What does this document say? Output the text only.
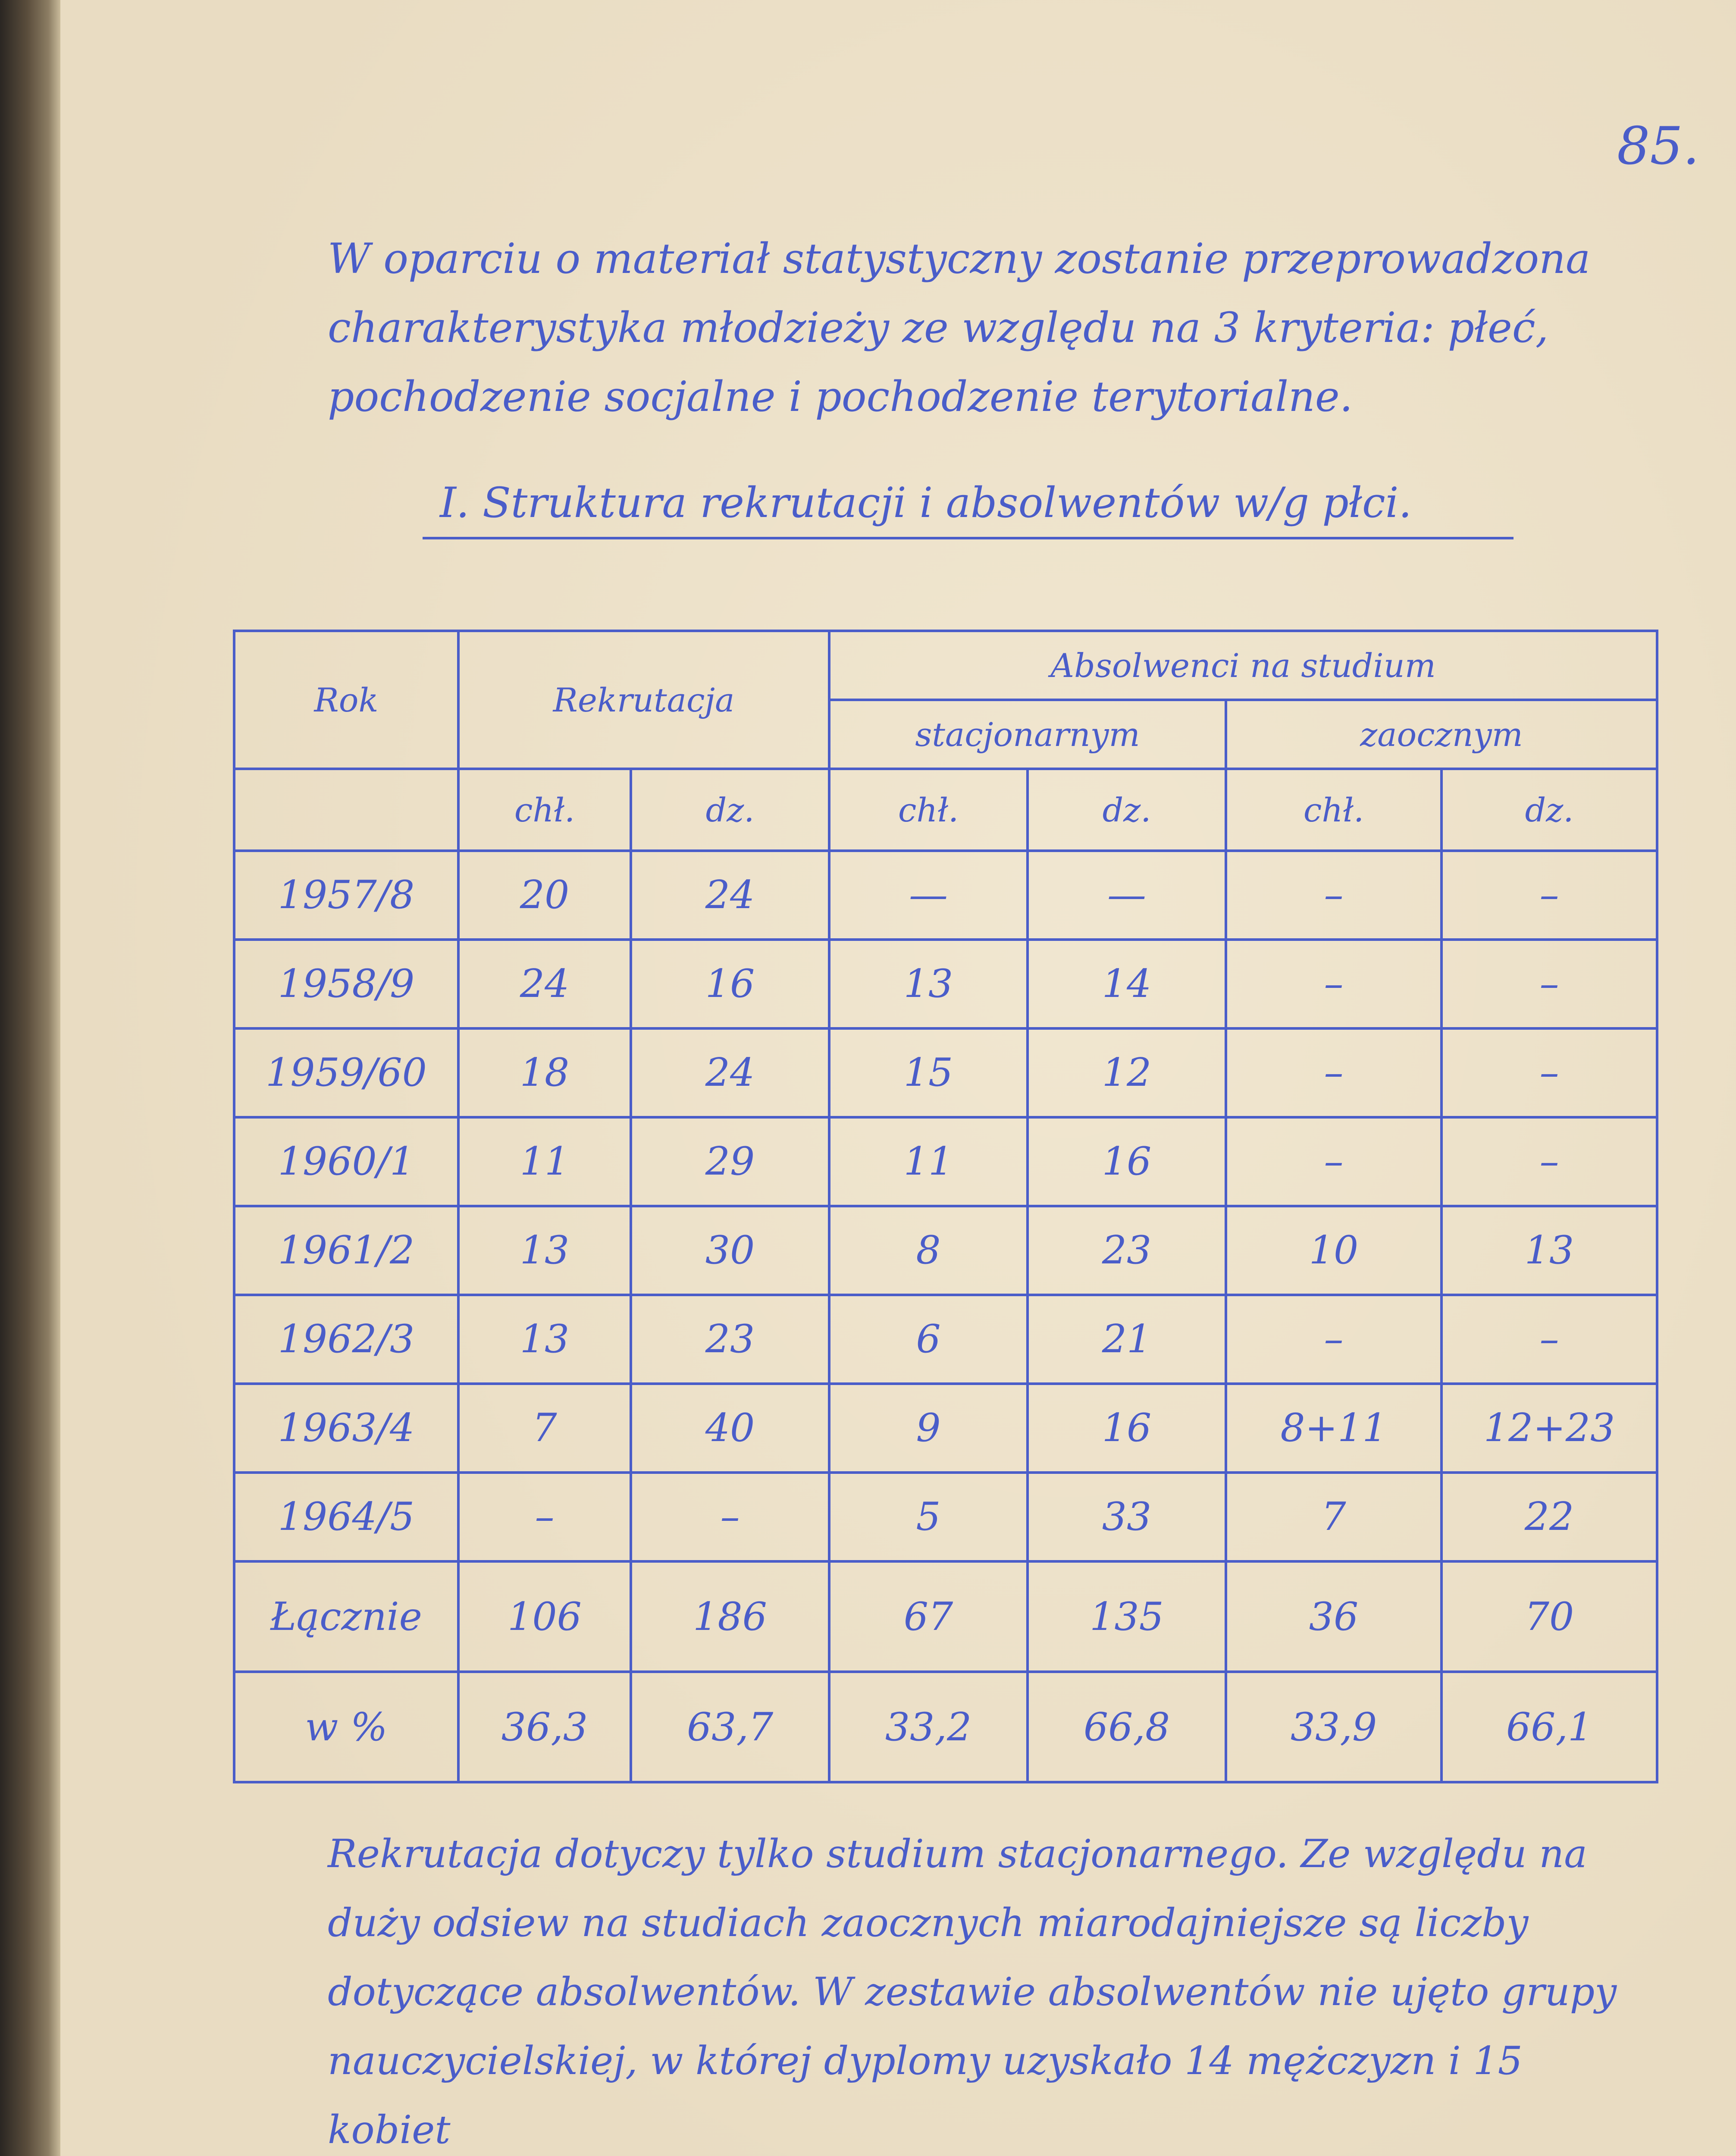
85.
W oparciu o materiał statystyczny zostanie przeprowadzona charakterystyka młodzieży ze względu na 3 kryteria: płeć, pochodzenie socjalne i pochodzenie terytorialne.
I. Struktura rekrutacji i absolwentów w/g płci.
Rok	Rekrutacja		Absolwenci na studium			
			stacjonarnym		zaocznym	
	chł.	dz.	chł.	dz.	chł.	dz.
1957/8	20	24	—	—	–	–
1958/9	24	16	13	14	–	–
1959/60	18	24	15	12	–	–
1960/1	11	29	11	16	–	–
1961/2	13	30	8	23	10	13
1962/3	13	23	6	21	–	–
1963/4	7	40	9	16	8+11	12+23
1964/5	–	–	5	33	7	22
Łącznie	106	186	67	135	36	70
w %	36,3	63,7	33,2	66,8	33,9	66,1
Rekrutacja dotyczy tylko studium stacjonarnego. Ze względu na duży odsiew na studiach zaocznych miarodajniejsze są liczby dotyczące absolwentów. W zestawie absolwentów nie ujęto grupy nauczycielskiej, w której dyplomy uzyskało 14 mężczyzn i 15 kobiet
